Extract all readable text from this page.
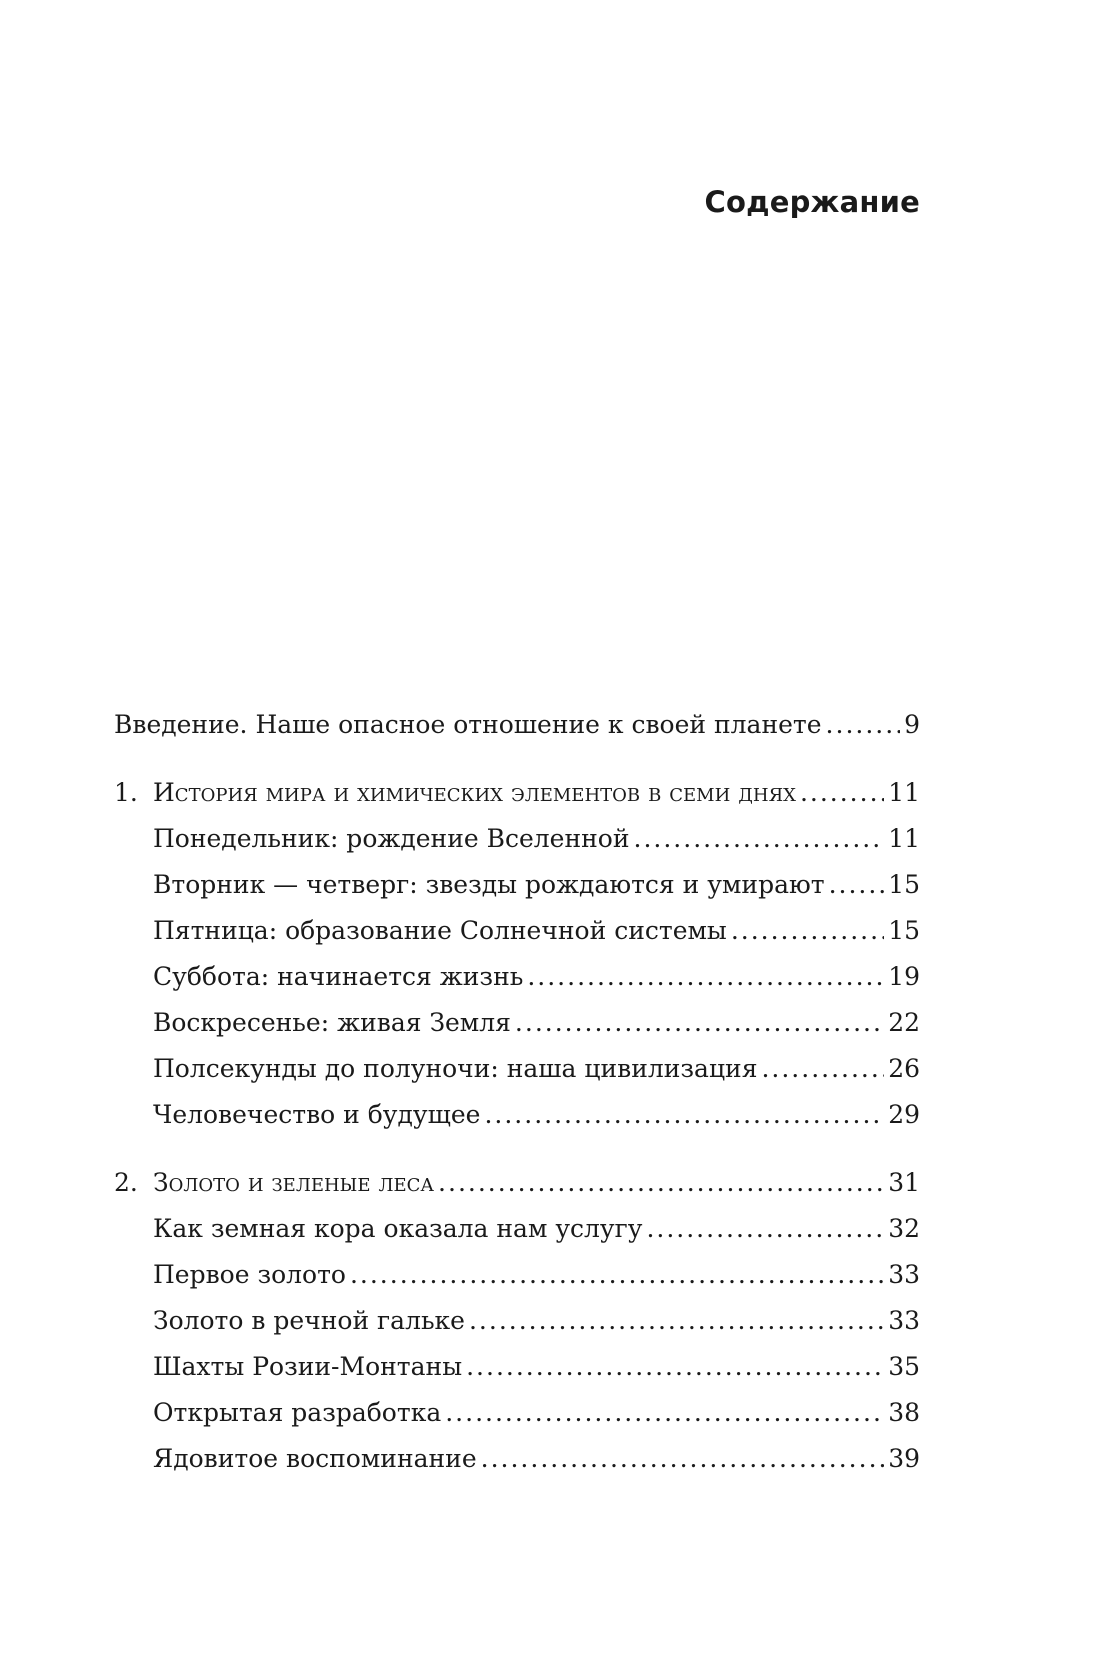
Содержание
Введение. Наше опасное отношение к своей планете .....	9
1. История мира и химических элементов в семи днях .....	11
Понедельник: рождение Вселенной .....	11
Вторник — четверг: звезды рождаются и умирают .....	15
Пятница: образование Солнечной системы .....	15
Суббота: начинается жизнь .....	19
Воскресенье: живая Земля .....	22
Полсекунды до полуночи: наша цивилизация .....	26
Человечество и будущее .....	29
2. Золото и зеленые леса .....	31
Как земная кора оказала нам услугу .....	32
Первое золото .....	33
Золото в речной гальке .....	33
Шахты Розии-Монтаны .....	35
Открытая разработка .....	38
Ядовитое воспоминание .....	39
